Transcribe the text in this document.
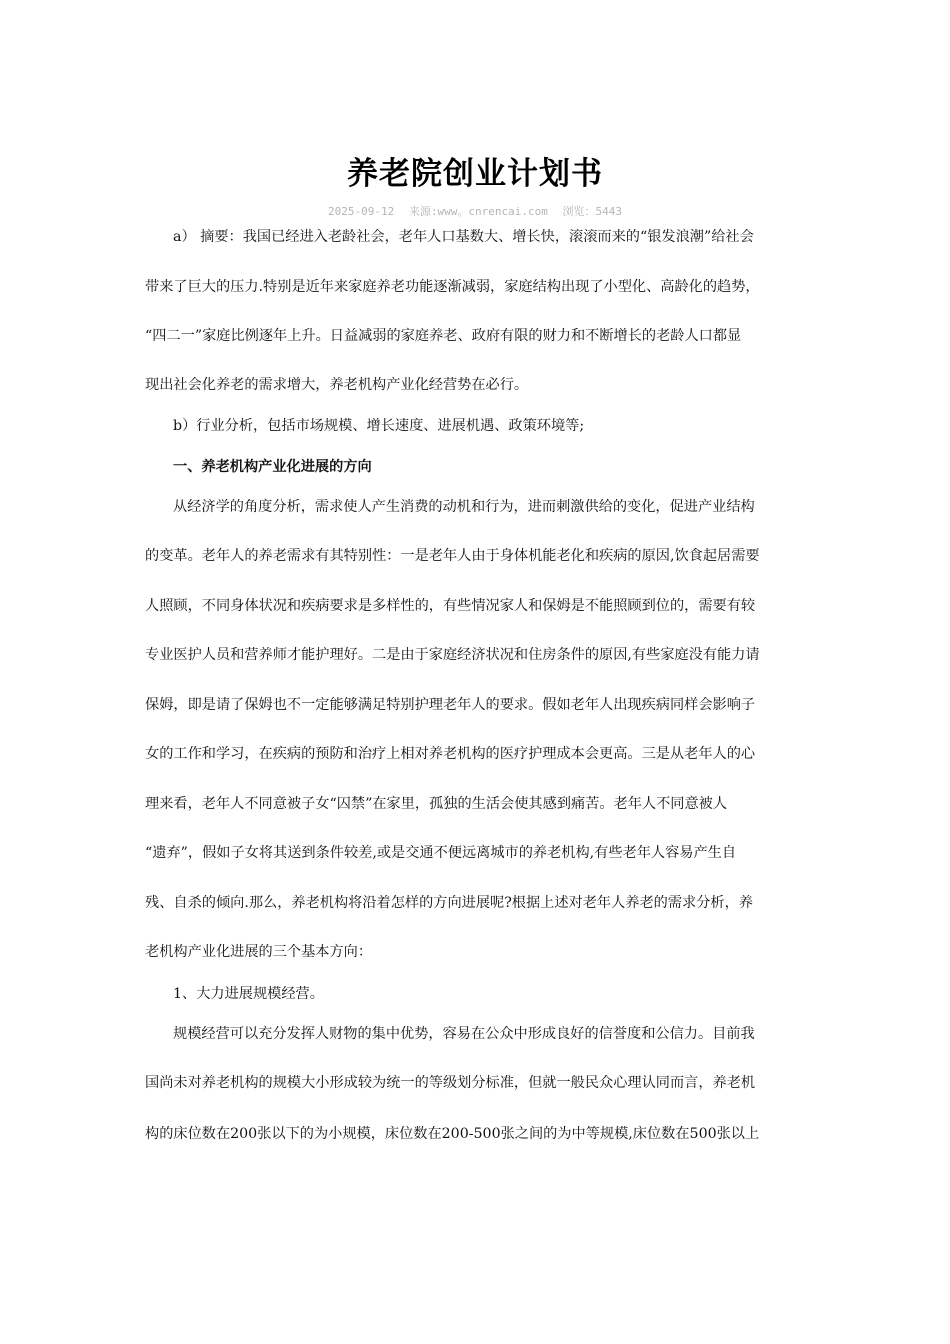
养老院创业计划书
2025-09-12 来源:www。cnrencai.com 浏览：5443
a） 摘要：我国已经进入老龄社会，老年人口基数大、增长快，滚滚而来的“银发浪潮”给社会
带来了巨大的压力.特别是近年来家庭养老功能逐渐减弱，家庭结构出现了小型化、高龄化的趋势，
“四二一”家庭比例逐年上升。日益减弱的家庭养老、政府有限的财力和不断增长的老龄人口都显
现出社会化养老的需求增大，养老机构产业化经营势在必行。
b）行业分析，包括市场规模、增长速度、进展机遇、政策环境等;
一、养老机构产业化进展的方向
从经济学的角度分析，需求使人产生消费的动机和行为，进而刺激供给的变化，促进产业结构
的变革。老年人的养老需求有其特别性：一是老年人由于身体机能老化和疾病的原因,饮食起居需要
人照顾，不同身体状况和疾病要求是多样性的，有些情况家人和保姆是不能照顾到位的，需要有较
专业医护人员和营养师才能护理好。二是由于家庭经济状况和住房条件的原因,有些家庭没有能力请
保姆，即是请了保姆也不一定能够满足特别护理老年人的要求。假如老年人出现疾病同样会影响子
女的工作和学习，在疾病的预防和治疗上相对养老机构的医疗护理成本会更高。三是从老年人的心
理来看，老年人不同意被子女“囚禁”在家里，孤独的生活会使其感到痛苦。老年人不同意被人
“遗弃”，假如子女将其送到条件较差,或是交通不便远离城市的养老机构,有些老年人容易产生自
残、自杀的倾向.那么，养老机构将沿着怎样的方向进展呢?根据上述对老年人养老的需求分析，养
老机构产业化进展的三个基本方向：
1、大力进展规模经营。
规模经营可以充分发挥人财物的集中优势，容易在公众中形成良好的信誉度和公信力。目前我
国尚未对养老机构的规模大小形成较为统一的等级划分标准，但就一般民众心理认同而言，养老机
构的床位数在200张以下的为小规模，床位数在200-500张之间的为中等规模,床位数在500张以上
